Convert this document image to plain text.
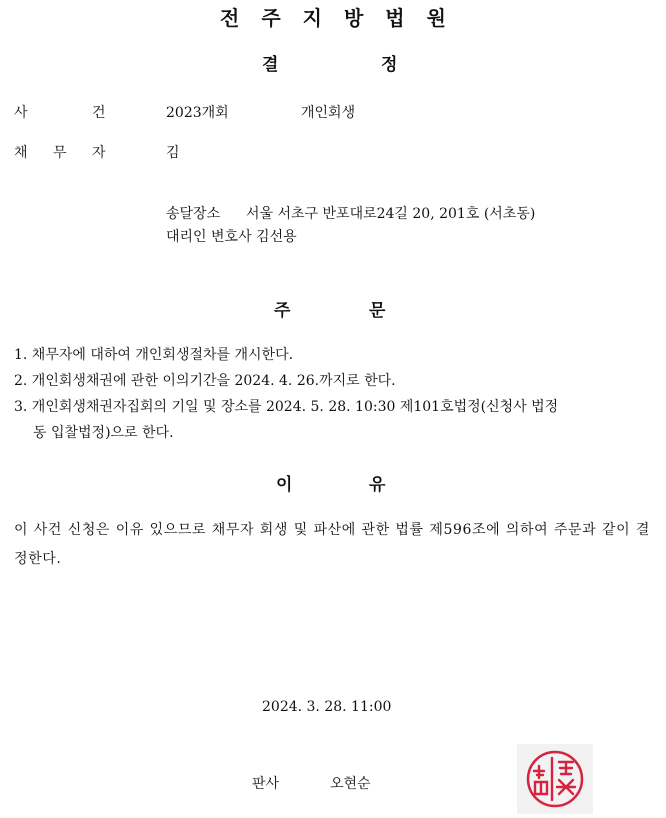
전주지방법원
결	정
사	건	2023개회	개인회생
채 무 자	김
송달장소 서울 서초구 반포대로24길 20, 201호 (서초동)
대리인 변호사 김선용
주	문
1. 채무자에 대하여 개인회생절차를 개시한다.
2. 개인회생채권에 관한 이의기간을 2024. 4. 26.까지로 한다.
3. 개인회생채권자집회의 기일 및 장소를 2024. 5. 28. 10:30 제101호법정(신청사 법정
동 입찰법정)으로 한다.
이	유
이 사건 신청은 이유 있으므로 채무자 회생 및 파산에 관한 법률 제596조에 의하여 주문과 같이 결정한다.
2024. 3. 28. 11:00
판사	오현순
